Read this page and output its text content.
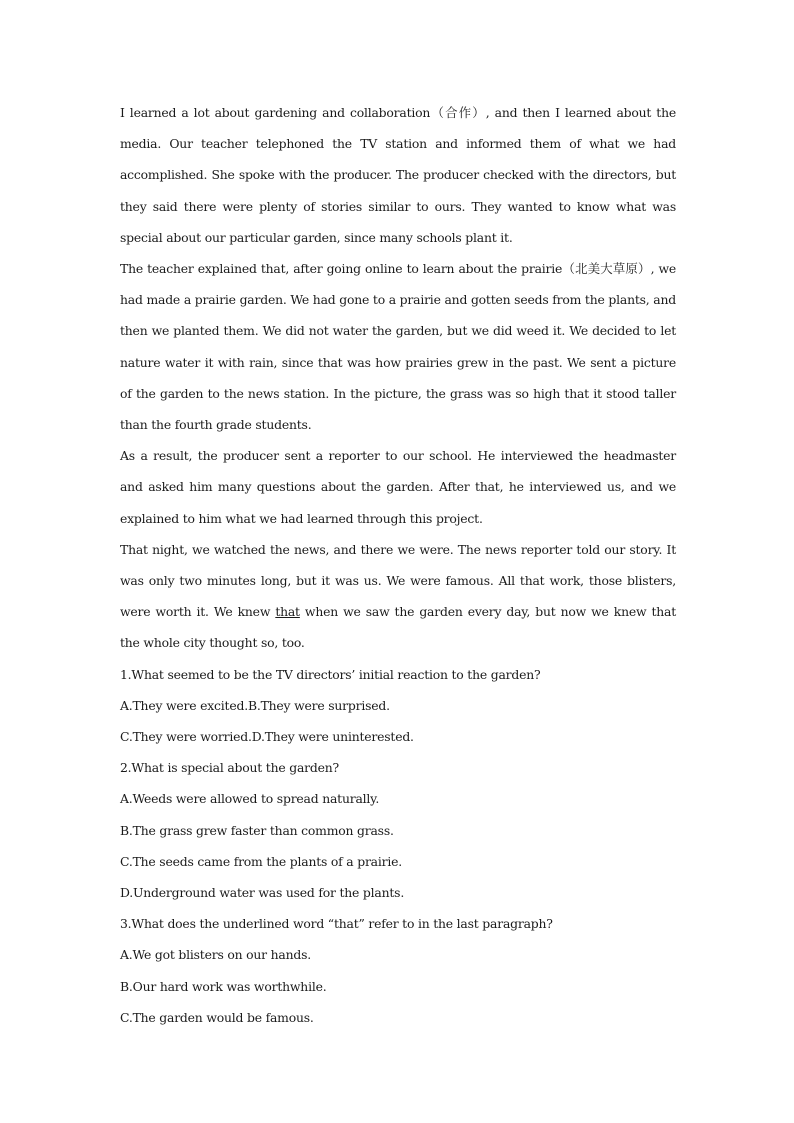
I learned a lot about gardening and collaboration（合作）, and then I learned about the media. Our teacher telephoned the TV station and informed them of what we had accomplished. She spoke with the producer. The producer checked with the directors, but they said there were plenty of stories similar to ours. They wanted to know what was special about our particular garden, since many schools plant it.

The teacher explained that, after going online to learn about the prairie（北美大草原）, we had made a prairie garden. We had gone to a prairie and gotten seeds from the plants, and then we planted them. We did not water the garden, but we did weed it. We decided to let nature water it with rain, since that was how prairies grew in the past. We sent a picture of the garden to the news station. In the picture, the grass was so high that it stood taller than the fourth grade students.

As a result, the producer sent a reporter to our school. He interviewed the headmaster and asked him many questions about the garden. After that, he interviewed us, and we explained to him what we had learned through this project.

That night, we watched the news, and there we were. The news reporter told our story. It was only two minutes long, but it was us. We were famous. All that work, those blisters, were worth it. We knew that when we saw the garden every day, but now we knew that the whole city thought so, too.

1.What seemed to be the TV directors’ initial reaction to the garden?

A.They were excited.B.They were surprised.

C.They were worried.D.They were uninterested.

2.What is special about the garden?

A.Weeds were allowed to spread naturally.

B.The grass grew faster than common grass.

C.The seeds came from the plants of a prairie.

D.Underground water was used for the plants.

3.What does the underlined word “that” refer to in the last paragraph?

A.We got blisters on our hands.

B.Our hard work was worthwhile.

C.The garden would be famous.
